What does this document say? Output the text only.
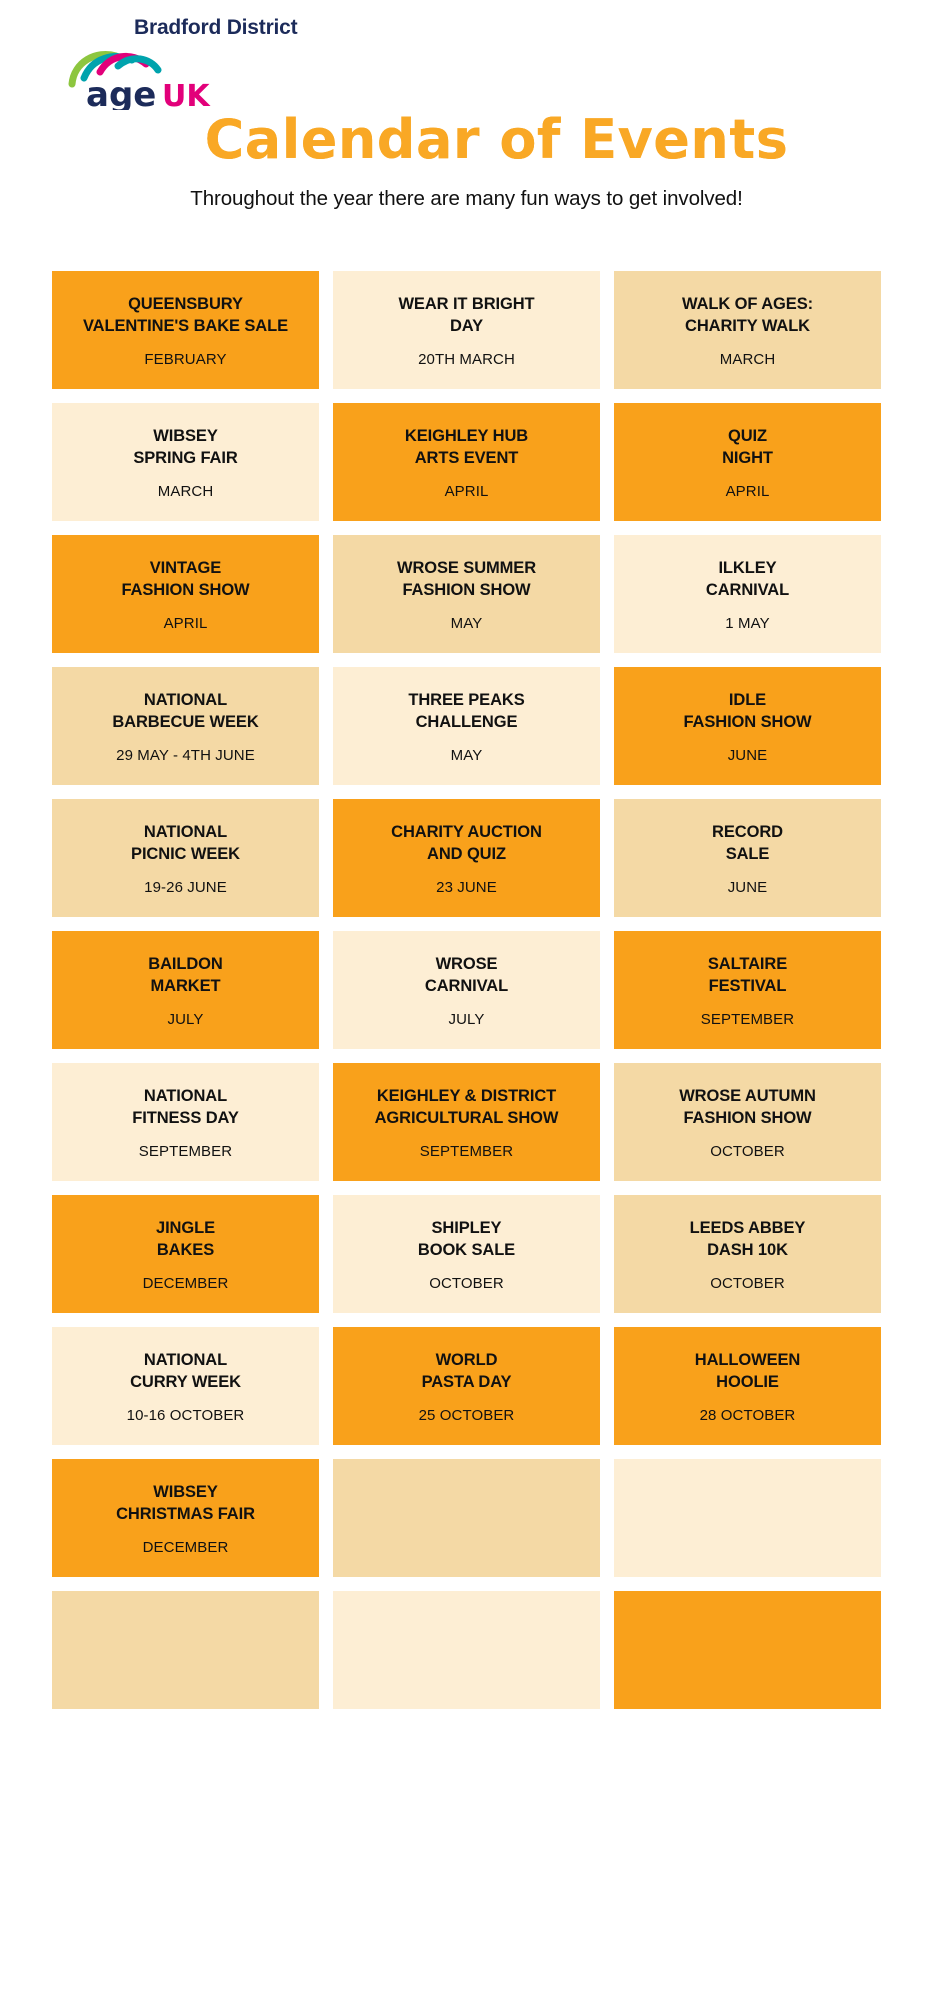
age UK
Bradford District
Calendar of Events
Throughout the year there are many fun ways to get involved!
QUEENSBURY
VALENTINE'S BAKE SALE
FEBRUARY
WEAR IT BRIGHT
DAY
20TH MARCH
WALK OF AGES:
CHARITY WALK
MARCH
WIBSEY
SPRING FAIR
MARCH
KEIGHLEY HUB
ARTS EVENT
APRIL
QUIZ
NIGHT
APRIL
VINTAGE
FASHION SHOW
APRIL
WROSE SUMMER
FASHION SHOW
MAY
ILKLEY
CARNIVAL
1 MAY
NATIONAL
BARBECUE WEEK
29 MAY - 4TH JUNE
THREE PEAKS
CHALLENGE
MAY
IDLE
FASHION SHOW
JUNE
NATIONAL
PICNIC WEEK
19-26 JUNE
CHARITY AUCTION
AND QUIZ
23 JUNE
RECORD
SALE
JUNE
BAILDON
MARKET
JULY
WROSE
CARNIVAL
JULY
SALTAIRE
FESTIVAL
SEPTEMBER
NATIONAL
FITNESS DAY
SEPTEMBER
KEIGHLEY & DISTRICT
AGRICULTURAL SHOW
SEPTEMBER
WROSE AUTUMN
FASHION SHOW
OCTOBER
JINGLE
BAKES
DECEMBER
SHIPLEY
BOOK SALE
OCTOBER
LEEDS ABBEY
DASH 10K
OCTOBER
NATIONAL
CURRY WEEK
10-16 OCTOBER
WORLD
PASTA DAY
25 OCTOBER
HALLOWEEN
HOOLIE
28 OCTOBER
WIBSEY
CHRISTMAS FAIR
DECEMBER
